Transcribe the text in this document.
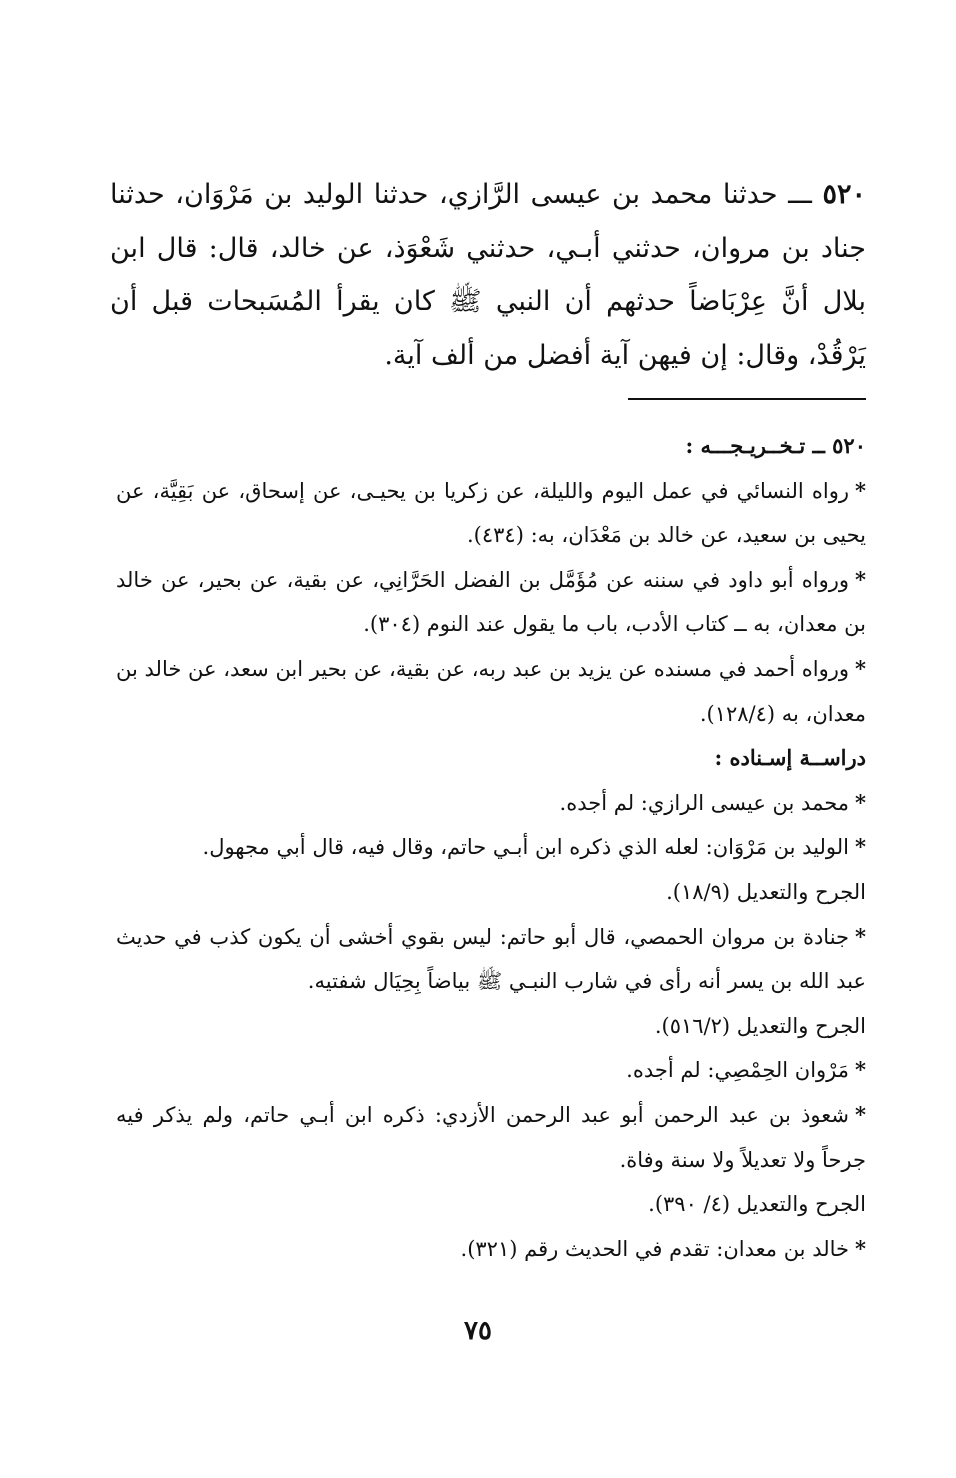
٥٢٠ ـــ حدثنا محمد بن عيسى الرَّازي، حدثنا الوليد بن مَرْوَان، حدثنا جناد بن مروان، حدثني أبـي، حدثني شَعْوَذ، عن خالد، قال: قال ابن بلال أنَّ عِرْبَاضاً حدثهم أن النبي ﷺ كان يقرأ المُسَبحات قبل أن يَرْقُدْ، وقال: إن فيهن آية أفضل من ألف آية.

٥٢٠ ــ تـخــريـجـــه :

*رواه النسائي في عمل اليوم والليلة، عن زكريا بن يحيـى، عن إسحاق، عن بَقِيَّة، عن يحيى بن سعيد، عن خالد بن مَعْدَان، به: (٤٣٤).

*ورواه أبو داود في سننه عن مُؤَمَّل بن الفضل الحَرَّانِي، عن بقية، عن بحير، عن خالد بن معدان، به ــ كتاب الأدب، باب ما يقول عند النوم (٣٠٤).

*ورواه أحمد في مسنده عن يزيد بن عبد ربه، عن بقية، عن بحير ابن سعد، عن خالد بن معدان، به (١٢٨/٤).

دراســة إسـناده :

*محمد بن عيسى الرازي: لم أجده.

*الوليد بن مَرْوَان: لعله الذي ذكره ابن أبـي حاتم، وقال فيه، قال أبي مجهول.

الجرح والتعديل (١٨/٩).

*جنادة بن مروان الحمصي، قال أبو حاتم: ليس بقوي أخشى أن يكون كذب في حديث عبد الله بن يسر أنه رأى في شارب النبـي ﷺ بياضاً بِحِيَال شفتيه.

الجرح والتعديل (٥١٦/٢).

*مَرْوان الحِمْصِي: لم أجده.

*شعوذ بن عبد الرحمن أبو عبد الرحمن الأزدي: ذكره ابن أبـي حاتم، ولم يذكر فيه جرحاً ولا تعديلاً ولا سنة وفاة.

الجرح والتعديل (٤/ ٣٩٠).

*خالد بن معدان: تقدم في الحديث رقم (٣٢١).

٧٥
